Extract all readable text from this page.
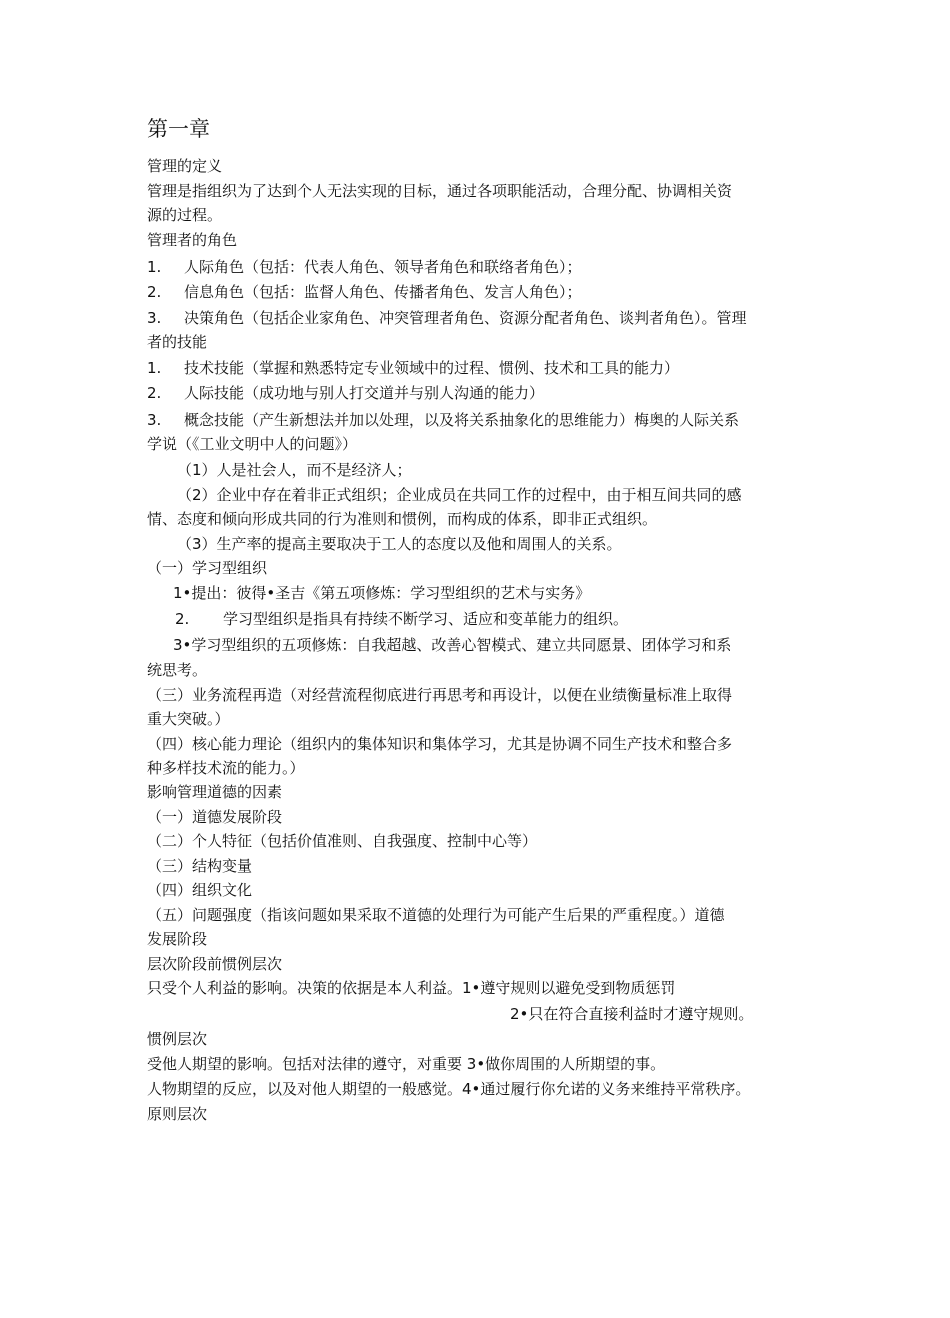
第一章
管理的定义
管理是指组织为了达到个人无法实现的目标，通过各项职能活动，合理分配、协调相关资
源的过程。
管理者的角色
1. 人际角色（包括：代表人角色、领导者角色和联络者角色）；
2. 信息角色（包括：监督人角色、传播者角色、发言人角色）；
3. 决策角色（包括企业家角色、冲突管理者角色、资源分配者角色、谈判者角色）。管理
者的技能
1. 技术技能（掌握和熟悉特定专业领域中的过程、惯例、技术和工具的能力）
2. 人际技能（成功地与别人打交道并与别人沟通的能力）
3. 概念技能（产生新想法并加以处理，以及将关系抽象化的思维能力）梅奥的人际关系
学说（《工业文明中人的问题》）
（1）人是社会人，而不是经济人；
（2）企业中存在着非正式组织；企业成员在共同工作的过程中，由于相互间共同的感
情、态度和倾向形成共同的行为准则和惯例，而构成的体系，即非正式组织。
（3）生产率的提高主要取决于工人的态度以及他和周围人的关系。
（一）学习型组织
1•提出：彼得•圣吉《第五项修炼：学习型组织的艺术与实务》
2. 学习型组织是指具有持续不断学习、适应和变革能力的组织。
3•学习型组织的五项修炼：自我超越、改善心智模式、建立共同愿景、团体学习和系
统思考。
（三）业务流程再造（对经营流程彻底进行再思考和再设计，以便在业绩衡量标准上取得
重大突破。）
（四）核心能力理论（组织内的集体知识和集体学习，尤其是协调不同生产技术和整合多
种多样技术流的能力。）
影响管理道德的因素
（一）道德发展阶段
（二）个人特征（包括价值准则、自我强度、控制中心等）
（三）结构变量
（四）组织文化
（五）问题强度（指该问题如果采取不道德的处理行为可能产生后果的严重程度。）道德
发展阶段
层次阶段前惯例层次
只受个人利益的影响。决策的依据是本人利益。1•遵守规则以避免受到物质惩罚
2•只在符合直接利益时才遵守规则。
惯例层次
受他人期望的影响。包括对法律的遵守，对重要 3•做你周围的人所期望的事。
人物期望的反应，以及对他人期望的一般感觉。4•通过履行你允诺的义务来维持平常秩序。
原则层次
